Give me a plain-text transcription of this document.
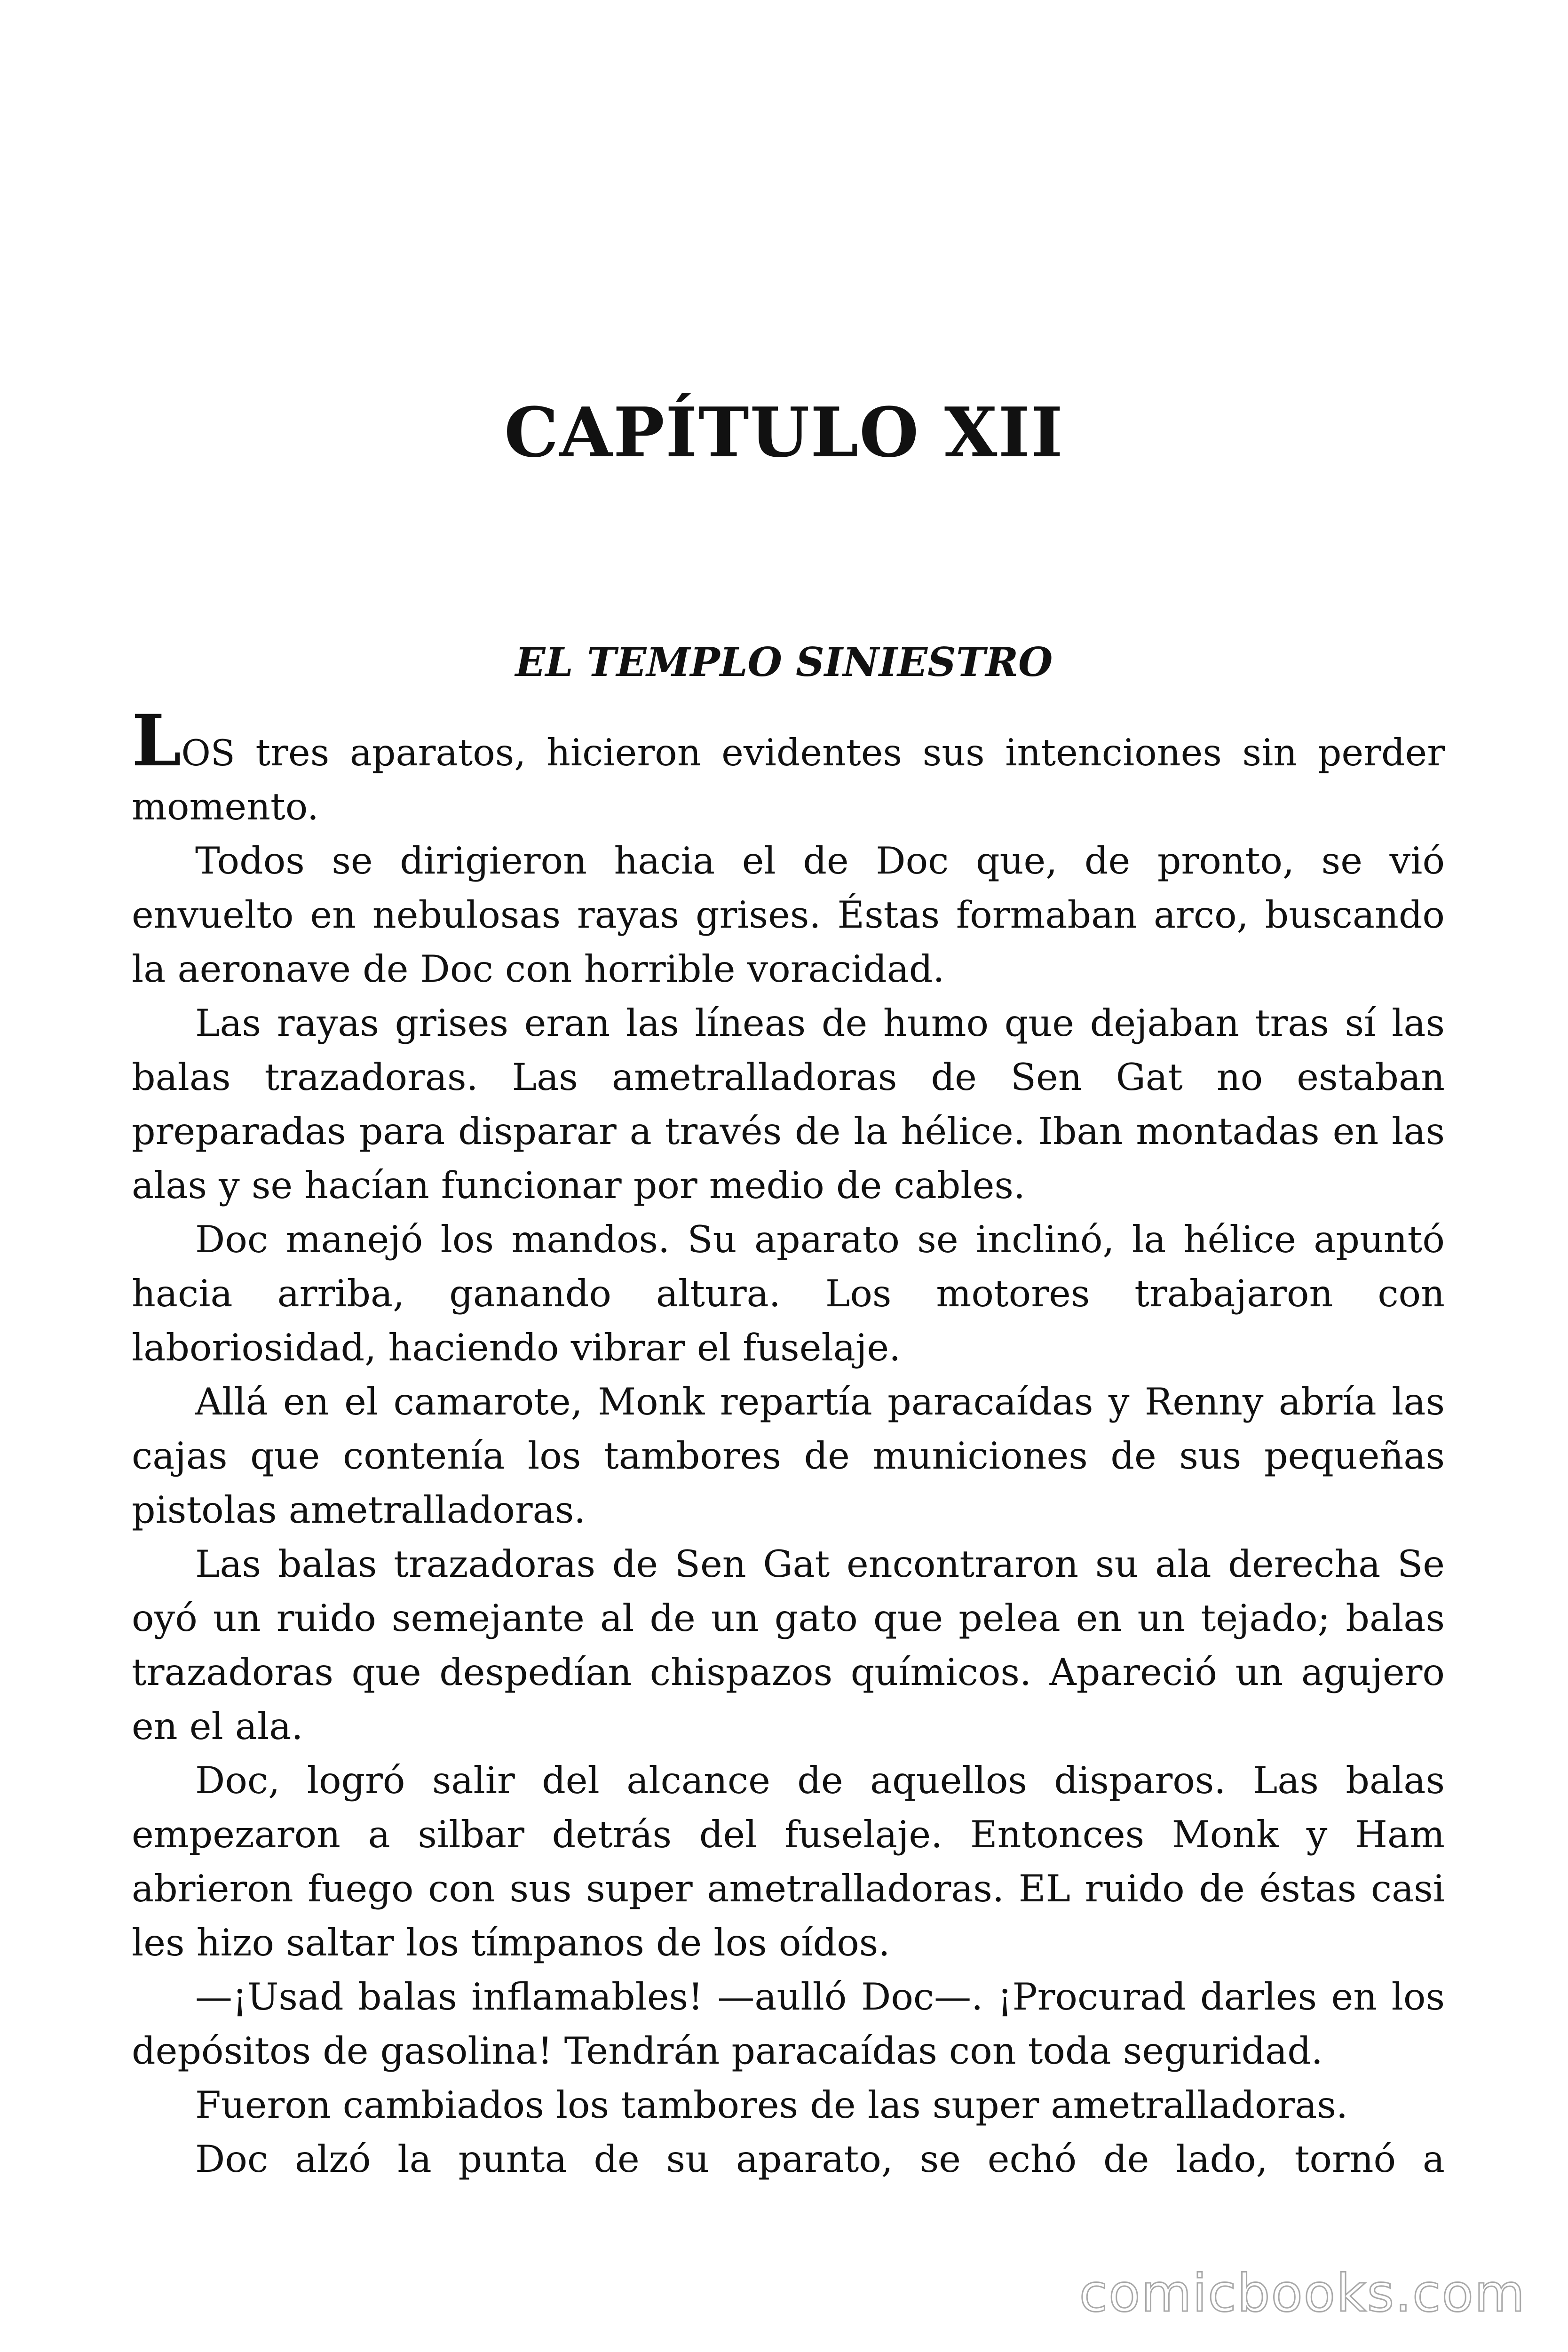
CAPÍTULO XII
EL TEMPLO SINIESTRO

LOS tres aparatos, hicieron evidentes sus intenciones sin perder momento.

Todos se dirigieron hacia el de Doc que, de pronto, se vió envuelto en nebulosas rayas grises. Éstas formaban arco, buscando la aeronave de Doc con horrible voracidad.

Las rayas grises eran las líneas de humo que dejaban tras sí las balas trazadoras. Las ametralladoras de Sen Gat no estaban preparadas para disparar a través de la hélice. Iban montadas en las alas y se hacían funcionar por medio de cables.

Doc manejó los mandos. Su aparato se inclinó, la hélice apuntó hacia arriba, ganando altura. Los motores trabajaron con laboriosidad, haciendo vibrar el fuselaje.

Allá en el camarote, Monk repartía paracaídas y Renny abría las cajas que contenía los tambores de municiones de sus pequeñas pistolas ametralladoras.

Las balas trazadoras de Sen Gat encontraron su ala derecha Se oyó un ruido semejante al de un gato que pelea en un tejado; balas trazadoras que despedían chispazos químicos. Apareció un agujero en el ala.

Doc, logró salir del alcance de aquellos disparos. Las balas empezaron a silbar detrás del fuselaje. Entonces Monk y Ham abrieron fuego con sus super ametralladoras. EL ruido de éstas casi les hizo saltar los tímpanos de los oídos.

—¡Usad balas inflamables! —aulló Doc—. ¡Procurad darles en los depósitos de gasolina! Tendrán paracaídas con toda seguridad.

Fueron cambiados los tambores de las super ametralladoras.

Doc alzó la punta de su aparato, se echó de lado, tornó a

comicbooks.com
